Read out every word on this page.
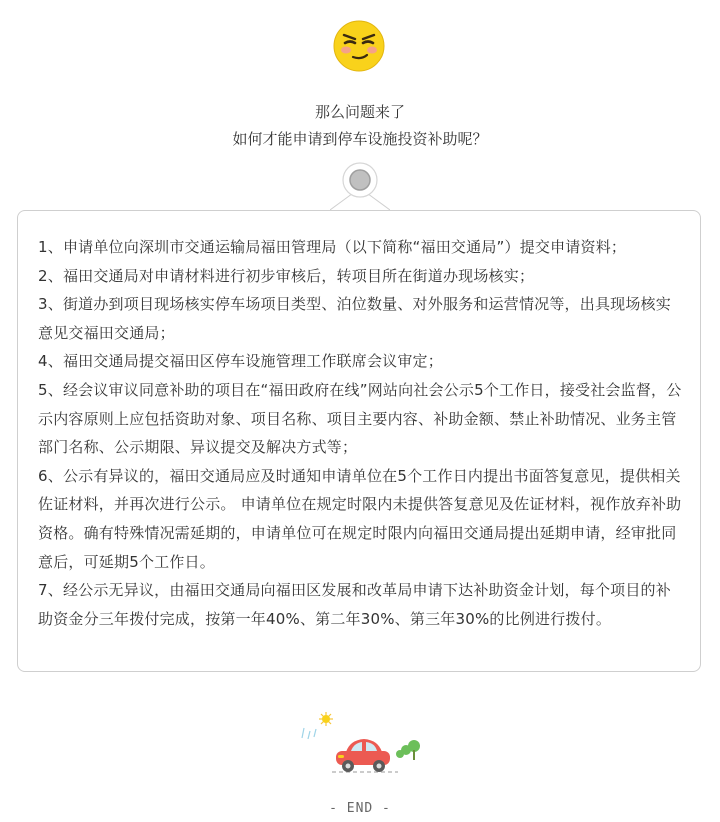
那么问题来了
如何才能申请到停车设施投资补助呢？

1、申请单位向深圳市交通运输局福田管理局（以下简称“福田交通局”）提交申请资料；

2、福田交通局对申请材料进行初步审核后，转项目所在街道办现场核实；

3、街道办到项目现场核实停车场项目类型、泊位数量、对外服务和运营情况等，出具现场核实意见交福田交通局；

4、福田交通局提交福田区停车设施管理工作联席会议审定；

5、经会议审议同意补助的项目在“福田政府在线”网站向社会公示5个工作日，接受社会监督，公示内容原则上应包括资助对象、项目名称、项目主要内容、补助金额、禁止补助情况、业务主管部门名称、公示期限、异议提交及解决方式等；

6、公示有异议的，福田交通局应及时通知申请单位在5个工作日内提出书面答复意见，提供相关佐证材料，并再次进行公示。 申请单位在规定时限内未提供答复意见及佐证材料，视作放弃补助资格。确有特殊情况需延期的，申请单位可在规定时限内向福田交通局提出延期申请，经审批同意后，可延期5个工作日。

7、经公示无异议，由福田交通局向福田区发展和改革局申请下达补助资金计划，每个项目的补助资金分三年拨付完成，按第一年40%、第二年30%、第三年30%的比例进行拨付。

- END -
